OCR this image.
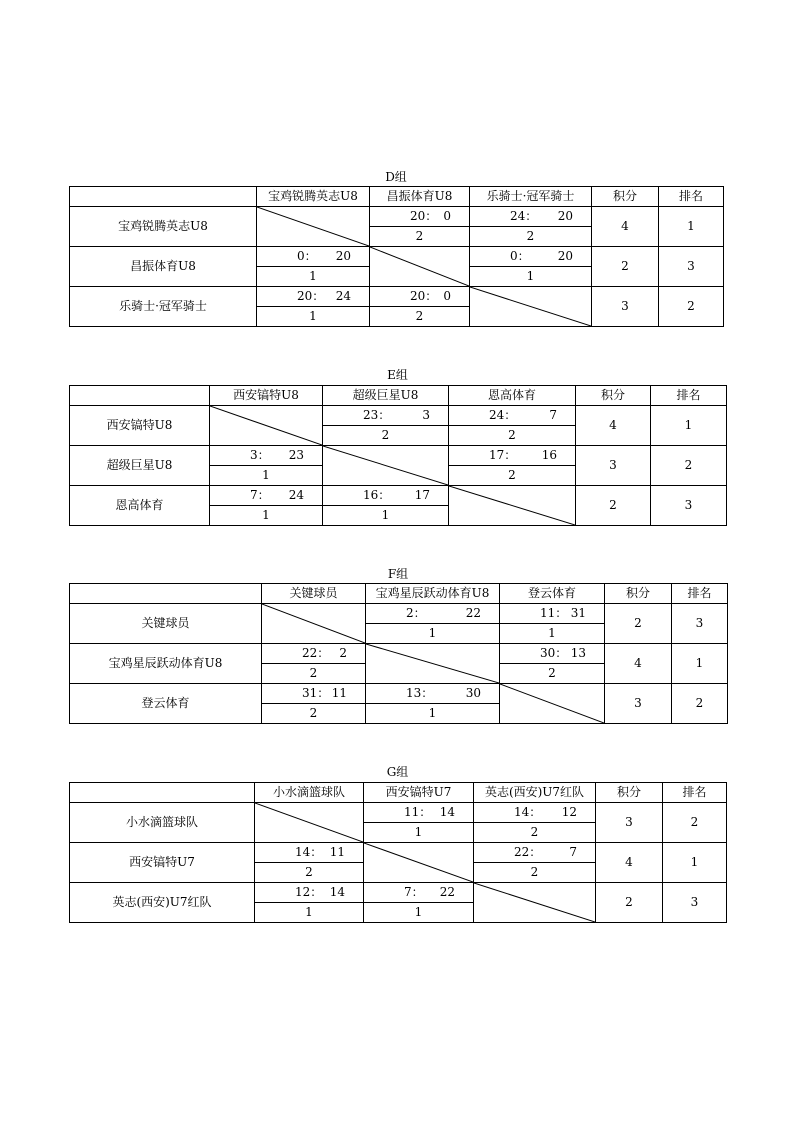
D组
	宝鸡锐腾英志U8	昌振体育U8	乐骑士·冠军骑士	积分	排名
宝鸡锐腾英志U8		20： 0	24： 20	4	1
		2	2		
昌振体育U8	0： 20		0： 20	2	3
	1		1		
乐骑士·冠军骑士	20： 24	20： 0		3	2
	1	2			
E组
	西安镐特U8	超级巨星U8	恩高体育	积分	排名
西安镐特U8		23： 3	24： 7	4	1
		2	2		
超级巨星U8	3： 23		17： 16	3	2
	1		2		
恩高体育	7： 24	16： 17		2	3
	1	1			
F组
	关键球员	宝鸡星辰跃动体育U8	登云体育	积分	排名
关键球员		2： 22	11： 31	2	3
		1	1		
宝鸡星辰跃动体育U8	22： 2		30： 13	4	1
	2		2		
登云体育	31： 11	13： 30		3	2
	2	1			
G组
	小水滴篮球队	西安镐特U7	英志(西安)U7红队	积分	排名
小水滴篮球队		11： 14	14： 12	3	2
		1	2		
西安镐特U7	14： 11		22： 7	4	1
	2		2		
英志(西安)U7红队	12： 14	7： 22		2	3
	1	1			
